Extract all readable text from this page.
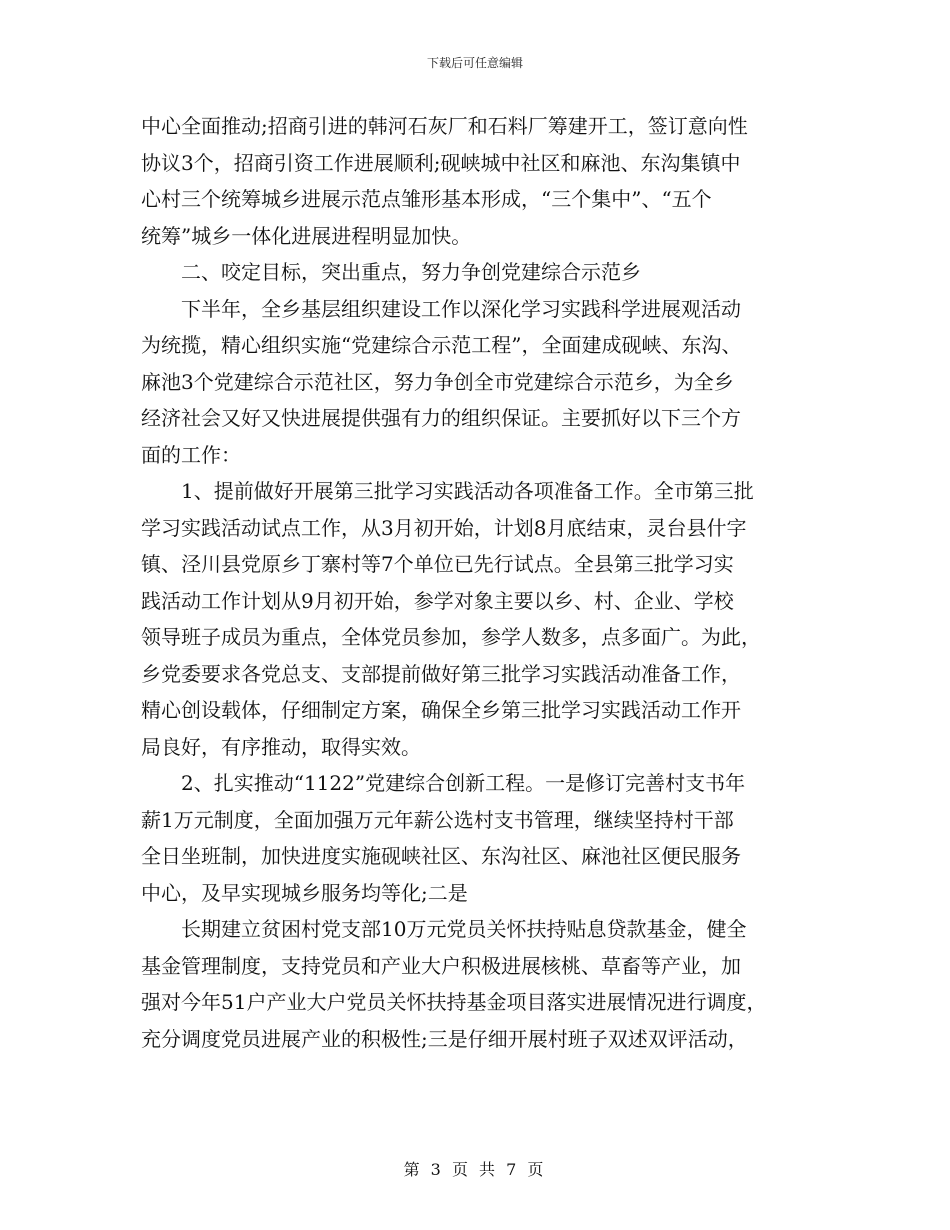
下载后可任意编辑
中心全面推动;招商引进的韩河石灰厂和石料厂筹建开工，签订意向性
协议3个，招商引资工作进展顺利;砚峡城中社区和麻池、东沟集镇中
心村三个统筹城乡进展示范点雏形基本形成，“三个集中”、“五个
统筹”城乡一体化进展进程明显加快。
二、咬定目标，突出重点，努力争创党建综合示范乡
下半年，全乡基层组织建设工作以深化学习实践科学进展观活动
为统揽，精心组织实施“党建综合示范工程”，全面建成砚峡、东沟、
麻池3个党建综合示范社区，努力争创全市党建综合示范乡，为全乡
经济社会又好又快进展提供强有力的组织保证。主要抓好以下三个方
面的工作：
1、提前做好开展第三批学习实践活动各项准备工作。全市第三批
学习实践活动试点工作，从3月初开始，计划8月底结束，灵台县什字
镇、泾川县党原乡丁寨村等7个单位已先行试点。全县第三批学习实
践活动工作计划从9月初开始，参学对象主要以乡、村、企业、学校
领导班子成员为重点，全体党员参加，参学人数多，点多面广。为此，
乡党委要求各党总支、支部提前做好第三批学习实践活动准备工作，
精心创设载体，仔细制定方案，确保全乡第三批学习实践活动工作开
局良好，有序推动，取得实效。
2、扎实推动“1122”党建综合创新工程。一是修订完善村支书年
薪1万元制度，全面加强万元年薪公选村支书管理，继续坚持村干部
全日坐班制，加快进度实施砚峡社区、东沟社区、麻池社区便民服务
中心，及早实现城乡服务均等化;二是
长期建立贫困村党支部10万元党员关怀扶持贴息贷款基金，健全
基金管理制度，支持党员和产业大户积极进展核桃、草畜等产业，加
强对今年51户产业大户党员关怀扶持基金项目落实进展情况进行调度，
充分调度党员进展产业的积极性;三是仔细开展村班子双述双评活动，
第 3 页 共 7 页
